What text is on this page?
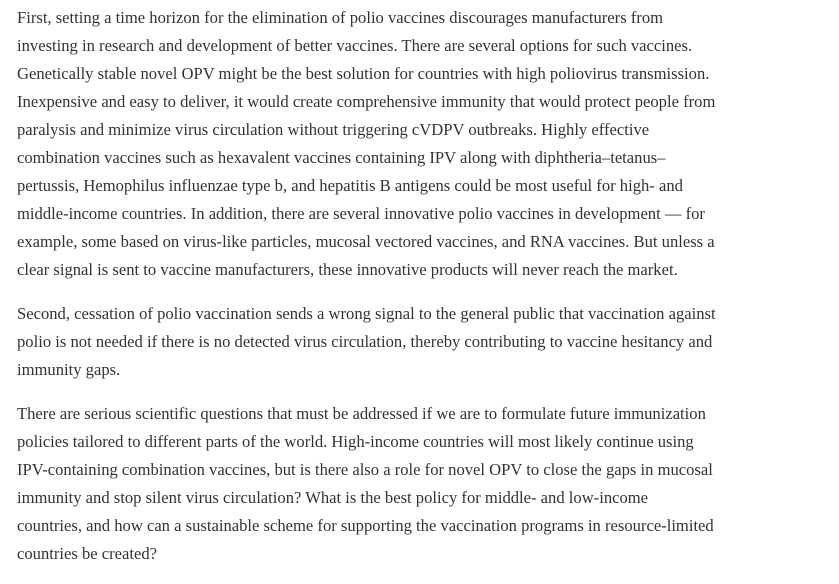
First, setting a time horizon for the elimination of polio vaccines discourages manufacturers from
investing in research and development of better vaccines. There are several options for such vaccines.
Genetically stable novel OPV might be the best solution for countries with high poliovirus transmission.
Inexpensive and easy to deliver, it would create comprehensive immunity that would protect people from
paralysis and minimize virus circulation without triggering cVDPV outbreaks. Highly effective
combination vaccines such as hexavalent vaccines containing IPV along with diphtheria–tetanus–
pertussis, Hemophilus influenzae type b, and hepatitis B antigens could be most useful for high- and
middle-income countries. In addition, there are several innovative polio vaccines in development — for
example, some based on virus-like particles, mucosal vectored vaccines, and RNA vaccines. But unless a
clear signal is sent to vaccine manufacturers, these innovative products will never reach the market.

Second, cessation of polio vaccination sends a wrong signal to the general public that vaccination against
polio is not needed if there is no detected virus circulation, thereby contributing to vaccine hesitancy and
immunity gaps.

There are serious scientific questions that must be addressed if we are to formulate future immunization
policies tailored to different parts of the world. High-income countries will most likely continue using
IPV-containing combination vaccines, but is there also a role for novel OPV to close the gaps in mucosal
immunity and stop silent virus circulation? What is the best policy for middle- and low-income
countries, and how can a sustainable scheme for supporting the vaccination programs in resource-limited
countries be created?
